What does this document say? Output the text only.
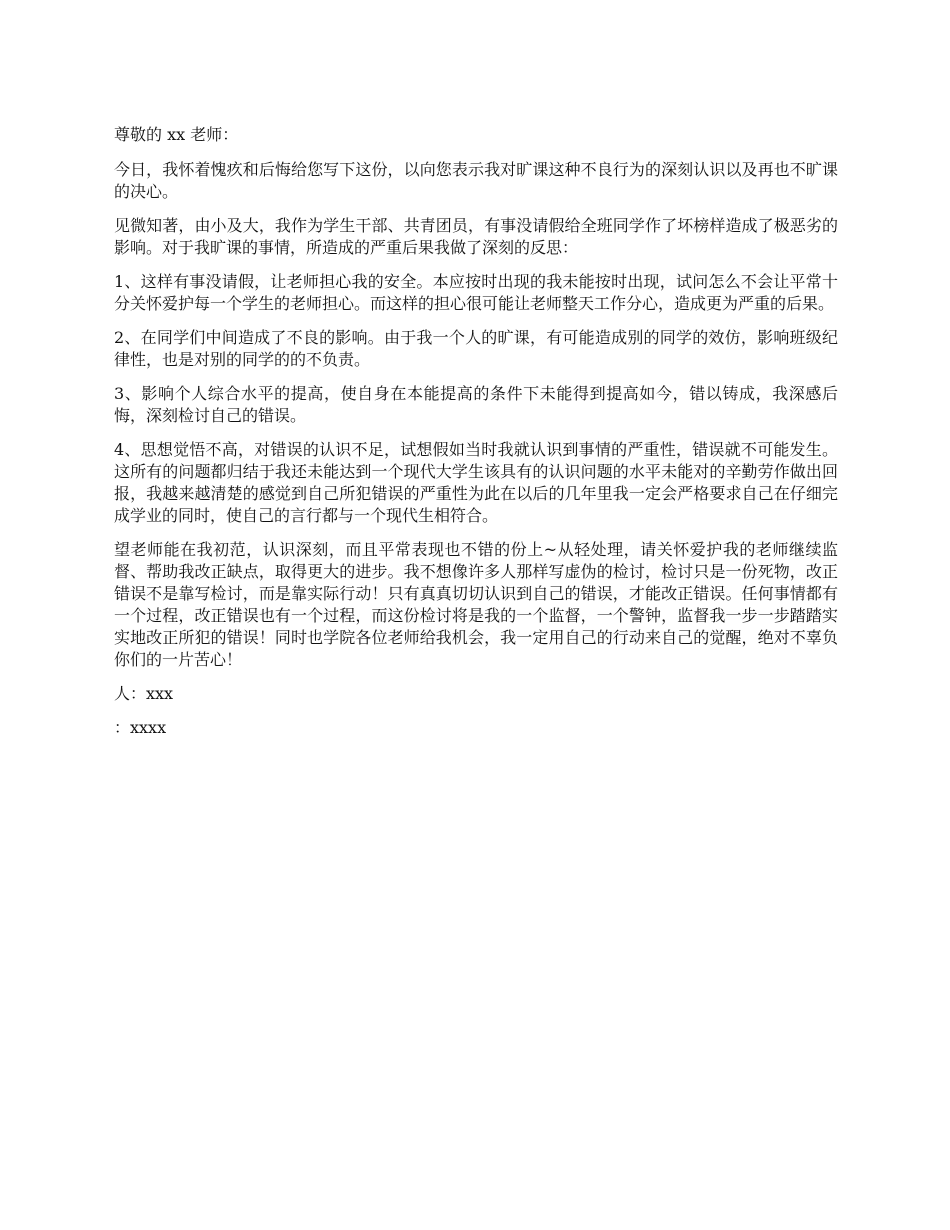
尊敬的 xx 老师：

今日，我怀着愧疚和后悔给您写下这份，以向您表示我对旷课这种不良行为的深刻认识以及再也不旷课的决心。

见微知著，由小及大，我作为学生干部、共青团员，有事没请假给全班同学作了坏榜样造成了极恶劣的影响。对于我旷课的事情，所造成的严重后果我做了深刻的反思：

1、这样有事没请假，让老师担心我的安全。本应按时出现的我未能按时出现，试问怎么不会让平常十分关怀爱护每一个学生的老师担心。而这样的担心很可能让老师整天工作分心，造成更为严重的后果。

2、在同学们中间造成了不良的影响。由于我一个人的旷课，有可能造成别的同学的效仿，影响班级纪律性，也是对别的同学的的不负责。

3、影响个人综合水平的提高，使自身在本能提高的条件下未能得到提高如今，错以铸成，我深感后悔，深刻检讨自己的错误。

4、思想觉悟不高，对错误的认识不足，试想假如当时我就认识到事情的严重性，错误就不可能发生。这所有的问题都归结于我还未能达到一个现代大学生该具有的认识问题的水平未能对的辛勤劳作做出回报，我越来越清楚的感觉到自己所犯错误的严重性为此在以后的几年里我一定会严格要求自己在仔细完成学业的同时，使自己的言行都与一个现代生相符合。

望老师能在我初范，认识深刻，而且平常表现也不错的份上~从轻处理，请关怀爱护我的老师继续监督、帮助我改正缺点，取得更大的进步。我不想像许多人那样写虚伪的检讨，检讨只是一份死物，改正错误不是靠写检讨，而是靠实际行动！只有真真切切认识到自己的错误，才能改正错误。任何事情都有一个过程，改正错误也有一个过程，而这份检讨将是我的一个监督，一个警钟，监督我一步一步踏踏实实地改正所犯的错误！同时也学院各位老师给我机会，我一定用自己的行动来自己的觉醒，绝对不辜负你们的一片苦心！

人：xxx

：xxxx
